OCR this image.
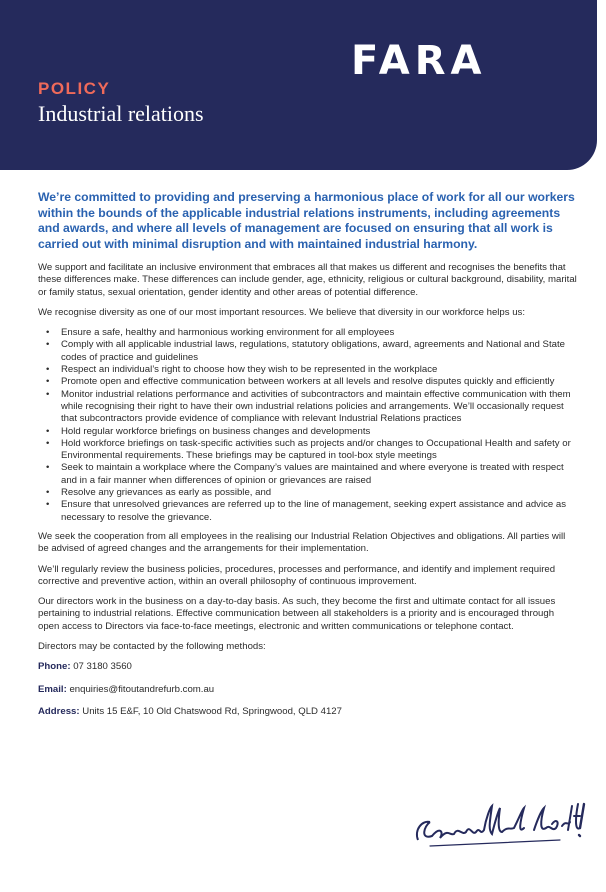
FARA
POLICY
Industrial relations

We’re committed to providing and preserving a harmonious place of work for all our workers within the bounds of the applicable industrial relations instruments, including agreements and awards, and where all levels of management are focused on ensuring that all work is carried out with minimal disruption and with maintained industrial harmony.

We support and facilitate an inclusive environment that embraces all that makes us different and recognises the benefits that these differences make. These differences can include gender, age, ethnicity, religious or cultural background, disability, marital or family status, sexual orientation, gender identity and other areas of potential difference.

We recognise diversity as one of our most important resources. We believe that diversity in our workforce helps us:

• Ensure a safe, healthy and harmonious working environment for all employees
• Comply with all applicable industrial laws, regulations, statutory obligations, award, agreements and National and State codes of practice and guidelines
• Respect an individual’s right to choose how they wish to be represented in the workplace
• Promote open and effective communication between workers at all levels and resolve disputes quickly and efficiently
• Monitor industrial relations performance and activities of subcontractors and maintain effective communication with them while recognising their right to have their own industrial relations policies and arrangements. We’ll occasionally request that subcontractors provide evidence of compliance with relevant Industrial Relations practices
• Hold regular workforce briefings on business changes and developments
• Hold workforce briefings on task-specific activities such as projects and/or changes to Occupational Health and safety or Environmental requirements. These briefings may be captured in tool-box style meetings
• Seek to maintain a workplace where the Company’s values are maintained and where everyone is treated with respect and in a fair manner when differences of opinion or grievances are raised
• Resolve any grievances as early as possible, and
• Ensure that unresolved grievances are referred up to the line of management, seeking expert assistance and advice as necessary to resolve the grievance.

We seek the cooperation from all employees in the realising our Industrial Relation Objectives and obligations. All parties will be advised of agreed changes and the arrangements for their implementation.

We’ll regularly review the business policies, procedures, processes and performance, and identify and implement required corrective and preventive action, within an overall philosophy of continuous improvement.

Our directors work in the business on a day-to-day basis. As such, they become the first and ultimate contact for all issues pertaining to industrial relations. Effective communication between all stakeholders is a priority and is encouraged through open access to Directors via face-to-face meetings, electronic and written communications or telephone contact.

Directors may be contacted by the following methods:

Phone: 07 3180 3560

Email: enquiries@fitoutandrefurb.com.au

Address: Units 15 E&F, 10 Old Chatswood Rd, Springwood, QLD 4127
